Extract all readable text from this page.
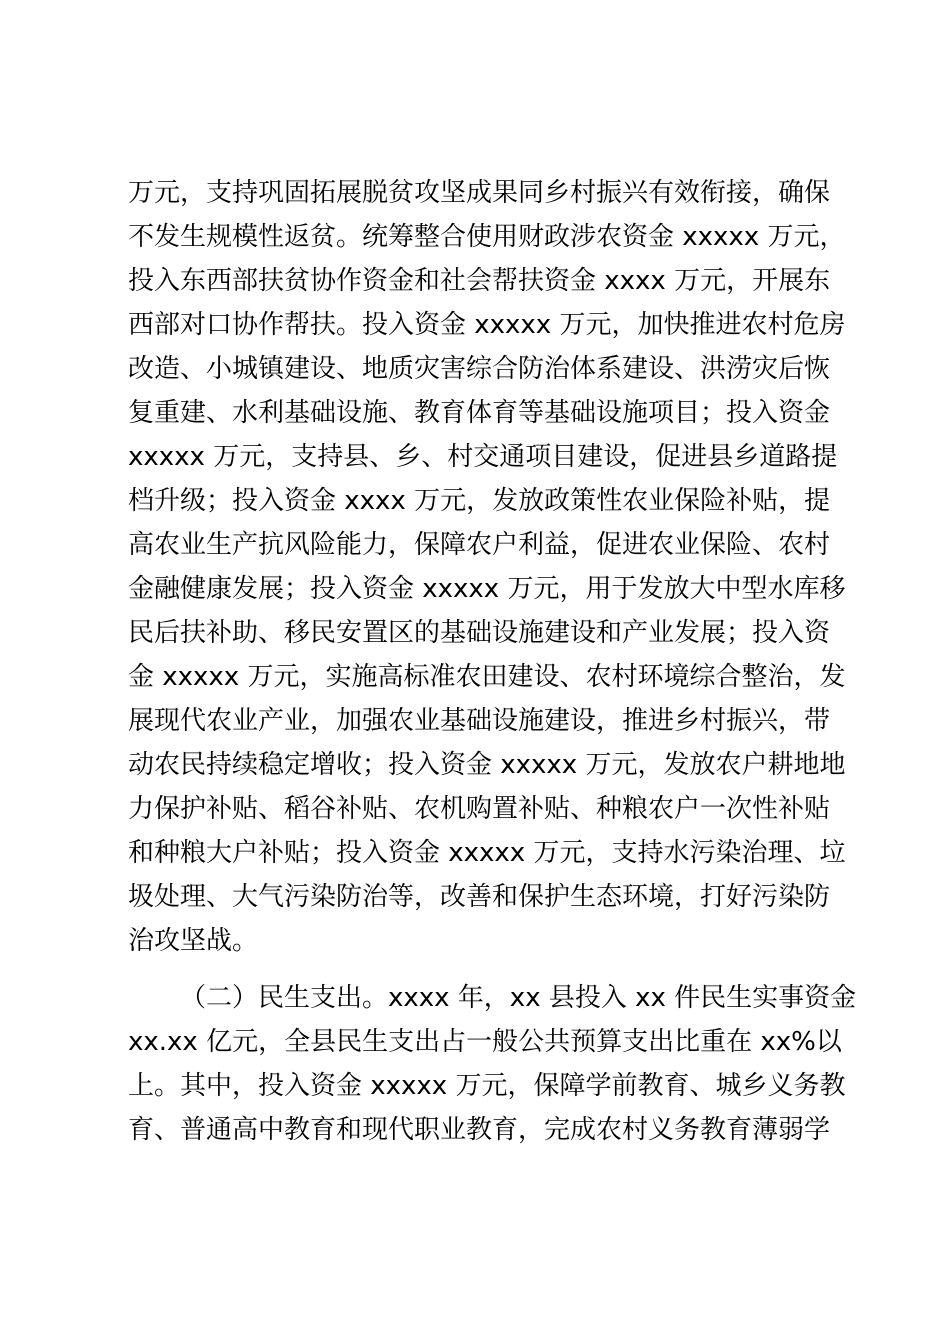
万元，支持巩固拓展脱贫攻坚成果同乡村振兴有效衔接，确保
不发生规模性返贫。统筹整合使用财政涉农资金 xxxxx 万元，
投入东西部扶贫协作资金和社会帮扶资金 xxxx 万元，开展东
西部对口协作帮扶。投入资金 xxxxx 万元，加快推进农村危房
改造、小城镇建设、地质灾害综合防治体系建设、洪涝灾后恢
复重建、水利基础设施、教育体育等基础设施项目；投入资金
xxxxx 万元，支持县、乡、村交通项目建设，促进县乡道路提
档升级；投入资金 xxxx 万元，发放政策性农业保险补贴，提
高农业生产抗风险能力，保障农户利益，促进农业保险、农村
金融健康发展；投入资金 xxxxx 万元，用于发放大中型水库移
民后扶补助、移民安置区的基础设施建设和产业发展；投入资
金 xxxxx 万元，实施高标准农田建设、农村环境综合整治，发
展现代农业产业，加强农业基础设施建设，推进乡村振兴，带
动农民持续稳定增收；投入资金 xxxxx 万元，发放农户耕地地
力保护补贴、稻谷补贴、农机购置补贴、种粮农户一次性补贴
和种粮大户补贴；投入资金 xxxxx 万元，支持水污染治理、垃
圾处理、大气污染防治等，改善和保护生态环境，打好污染防
治攻坚战。
（二）民生支出。xxxx 年，xx 县投入 xx 件民生实事资金
xx.xx 亿元，全县民生支出占一般公共预算支出比重在 xx%以
上。其中，投入资金 xxxxx 万元，保障学前教育、城乡义务教
育、普通高中教育和现代职业教育，完成农村义务教育薄弱学
